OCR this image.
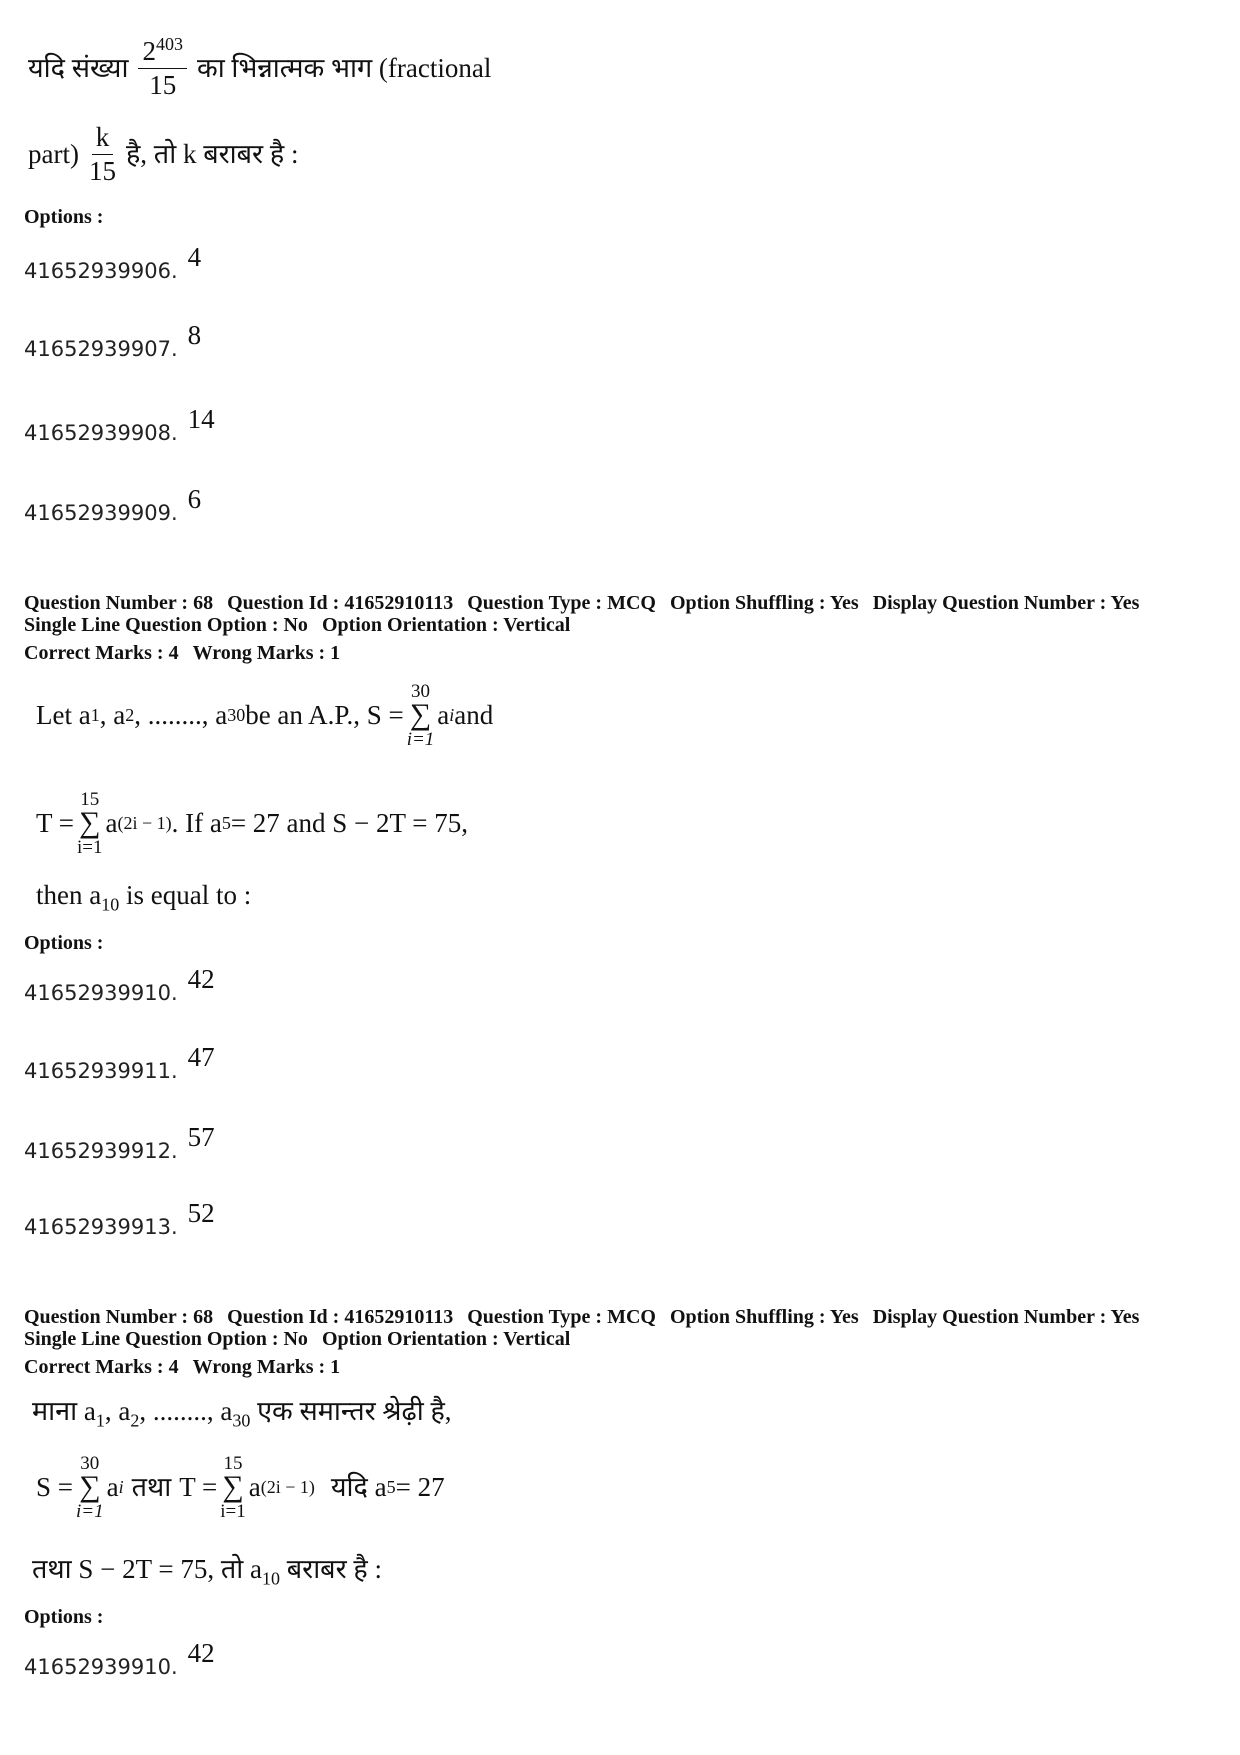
यदि संख्या $\frac{2^{403}}{15}$ का भिन्नात्मक भाग (fractional
part) $\frac{k}{15}$ है, तो k बराबर है :
Options :
$_{41652939906.}$ 4
$_{41652939907.}$ 8
$_{41652939908.}$ 14
$_{41652939909.}$ 6
Question Number : 68 Question Id : 41652910113 Question Type : MCQ Option Shuffling : Yes Display Question Number : Yes
Single Line Question Option : No Option Orientation : Vertical
Correct Marks : 4 Wrong Marks : 1
Let a 1 , a 2 , ........, a 30 be an A.P., S =
30
∑
i=1
a i and
T =
15
∑
i=1
a (2i − 1) . If a 5 = 27 and S − 2T = 75,
then $a_{10}$ is equal to :
Options :
$_{41652939910.}$ 42
$_{41652939911.}$ 47
$_{41652939912.}$ 57
$_{41652939913.}$ 52
Question Number : 68 Question Id : 41652910113 Question Type : MCQ Option Shuffling : Yes Display Question Number : Yes
Single Line Question Option : No Option Orientation : Vertical
Correct Marks : 4 Wrong Marks : 1
माना $a_1$, $a_2$, ........, $a_{30}$ एक समान्तर श्रेढ़ी है,
S =
30
∑
i=1
a i तथा T =
15
∑
i=1
a (2i − 1) यदि a 5 = 27
तथा S − 2T = 75, तो $a_{10}$ बराबर है :
Options :
$_{41652939910.}$ 42
